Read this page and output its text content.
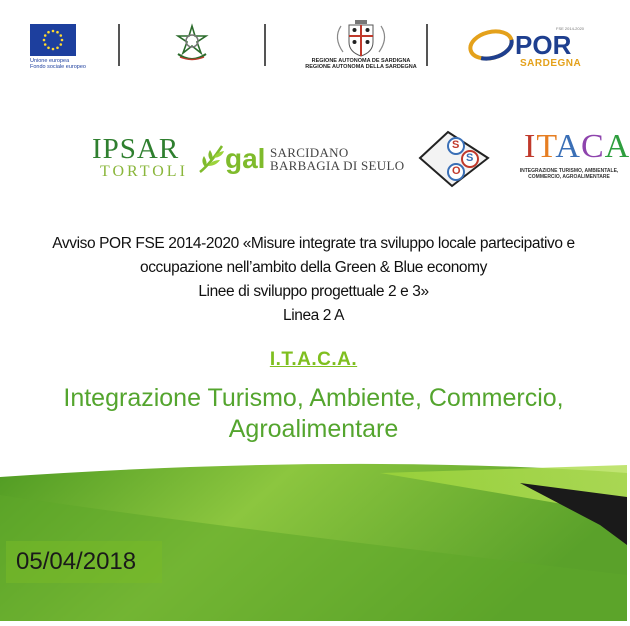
Unione europea
Fondo sociale europeo
REGIONE AUTONOMA DE SARDIGNA
REGIONE AUTONOMA DELLA SARDEGNA
FSE 2014-2020
POR
SARDEGNA
IPSAR
TORTOLI gal SARCIDANO
BARBAGIA DI SEULO
S
S
O
ITACA
INTEGRAZIONE TURISMO, AMBIENTALE,
COMMERCIO, AGROALIMENTARE
Avviso POR FSE 2014-2020 «Misure integrate tra sviluppo locale partecipativo e
occupazione nell’ambito della Green & Blue economy
Linee di sviluppo progettuale 2 e 3»
Linea 2 A
I.T.A.C.A.
Integrazione Turismo, Ambiente, Commercio,
Agroalimentare
05/04/2018
